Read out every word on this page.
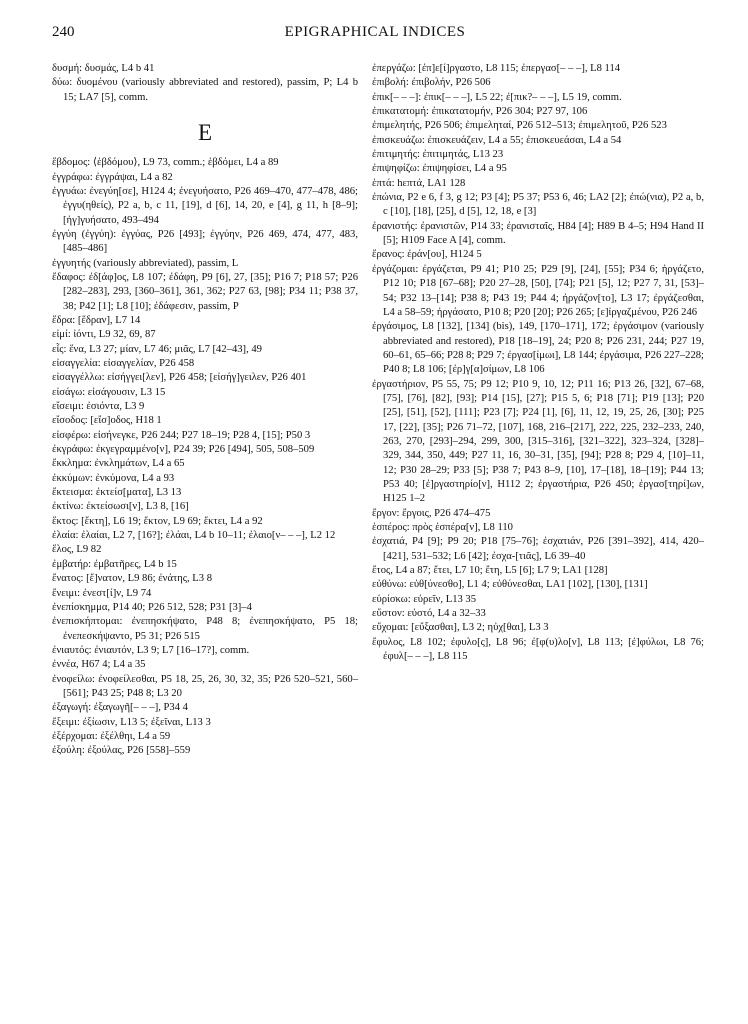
240	EPIGRAPHICAL INDICES

δυσμή: δυσμάς, L4 b 41

δύω: δυομένου (variously abbreviated and restored), passim, P; L4 b 15; LA7 [5], comm.

E

ἕβδομος: ⟨ἑβδόμου⟩, L9 73, comm.; ἑβδόμει, L4 a 89

ἐγγράφω: ἐγγράψαι, L4 a 82

ἐγγυάω: ἐνεγύη[σε], H124 4; ἐνεγυήσατο, P26 469–470, 477–478, 486; ἐγγυ(ηθείς), P2 a, b, c 11, [19], d [6], 14, 20, e [4], g 11, h [8–9]; [ἠγ]γυήσατο, 493–494

ἐγγύη (ἐγγύη): ἐγγύας, P26 [493]; ἐγγύην, P26 469, 474, 477, 483, [485–486]

ἐγγυητής (variously abbreviated), passim, L

ἔδαφος: ἐδ[άφ]ος, L8 107; ἐδάφη, P9 [6], 27, [35]; P16 7; P18 57; P26 [282–283], 293, [360–361], 361, 362; P27 63, [98]; P34 11; P38 37, 38; P42 [1]; L8 [10]; ἐδάφεσιν, passim, P

ἕδρα: [ἕδραν], L7 14

εἰμί: ἰόντι, L9 32, 69, 87

εἷς: ἕνα, L3 27; μίαν, L7 46; μιᾶς, L7 [42–43], 49

εἰσαγγελία: εἰσαγγελίαν, P26 458

εἰσαγγέλλω: εἰσήγγει[λεν], P26 458; [εἰσήγ]γειλεν, P26 401

εἰσάγω: εἰσάγουσιν, L3 15

εἴσειμι: ἐσιόντα, L3 9

εἴσοδος: [εἴσ]οδος, H18 1

εἰσφέρω: εἰσήνεγκε, P26 244; P27 18–19; P28 4, [15]; P50 3

ἐκγράφω: ἐκγεγραμμένο[ν], P24 39; P26 [494], 505, 508–509

ἔκκλημα: ἐνκλημάτων, L4 a 65

ἐκκύμων: ἐνκύμονα, L4 a 93

ἔκτεισμα: ἐκτείσ[ματα], L3 13

ἐκτίνω: ἐκτείσωσι[ν], L3 8, [16]

ἕκτος: [ἕκτη], L6 19; ἕκτον, L9 69; ἕκτει, L4 a 92

ἐλαία: ἐλαίαι, L2 7, [16?]; ἐλάαι, L4 b 10–11; ἐλαιο[ν– – –], L2 12

ἕλος, L9 82

ἐμβατήρ: ἐμβατῆρες, L4 b 15

ἔνατος: [ἔ]νατον, L9 86; ἐνάτης, L3 8

ἔνειμι: ἐνεστ[ί]ν, L9 74

ἐνεπίσκημμα, P14 40; P26 512, 528; P31 [3]–4

ἐνεπισκήπτομαι: ἐνεπησκήψατο, P48 8; ἐνεπησκήψατο, P5 18; ἐνεπεσκήψαντο, P5 31; P26 515

ἐνιαυτός: ἐνιαυτόν, L3 9; L7 [16–17?], comm.

ἐννέα, H67 4; L4 a 35

ἐνοφείλω: ἐνοφείλεσθαι, P5 18, 25, 26, 30, 32, 35; P26 520–521, 560–[561]; P43 25; P48 8; L3 20

ἐξαγωγή: ἐξαγωγῆ[– – –], P34 4

ἔξειμι: ἐξίωσιν, L13 5; ἐξεῖναι, L13 3

ἐξέρχομαι: ἐξέλθηι, L4 a 59

ἐξούλη: ἐξούλας, P26 [558]–559

ἐπεργάζω: [ἐπ]ε[ί]ργαστο, L8 115; ἐπεργασ[– – –], L8 114

ἐπιβολή: ἐπιβολήν, P26 506

ἐπικ[– – –]: ἐπικ[– – –], L5 22; ἐ[πικ?– – –], L5 19, comm.

ἐπικατατομή: ἐπικατατομήν, P26 304; P27 97, 106

ἐπιμελητής, P26 506; ἐπιμεληταί, P26 512–513; ἐπιμελητοῦ, P26 523

ἐπισκευάζω: ἐπισκευάζειν, L4 a 55; ἐπισκευεάσαι, L4 a 54

ἐπιτιμητής: ἐπιτιμητάς, L13 23

ἐπιψηφίζω: ἐπιψηφίσει, L4 a 95

ἑπτά: hεπτά, LA1 128

ἐπώνια, P2 e 6, f 3, g 12; P3 [4]; P5 37; P53 6, 46; LA2 [2]; ἐπώ(νια), P2 a, b, c [10], [18], [25], d [5], 12, 18, e [3]

ἐρανιστής: ἐρανιστῶν, P14 33; ἐρανισταῖς, H84 [4]; H89 B 4–5; H94 Hand II [5]; H109 Face A [4], comm.

ἔρανος: ἐράν[ου], H124 5

ἐργάζομαι: ἐργάζεται, P9 41; P10 25; P29 [9], [24], [55]; P34 6; ἠργάζετο, P12 10; P18 [67–68]; P20 27–28, [50], [74]; P21 [5], 12; P27 7, 31, [53]–54; P32 13–[14]; P38 8; P43 19; P44 4; ἠργάζον[το], L3 17; ἐργάζεσθαι, L4 a 58–59; ἠργάσατο, P10 8; P20 [20]; P26 265; [ε]ἰργαζμένου, P26 246

ἐργάσιμος, L8 [132], [134] (bis), 149, [170–171], 172; ἐργάσιμον (variously abbreviated and restored), P18 [18–19], 24; P20 8; P26 231, 244; P27 19, 60–61, 65–66; P28 8; P29 7; ἐργασ[ίμωι], L8 144; ἐργάσιμα, P26 227–228; P40 8; L8 106; [ἐρ]γ[α]σίμων, L8 106

ἐργαστήριον, P5 55, 75; P9 12; P10 9, 10, 12; P11 16; P13 26, [32], 67–68, [75], [76], [82], [93]; P14 [15], [27]; P15 5, 6; P18 [71]; P19 [13]; P20 [25], [51], [52], [111]; P23 [7]; P24 [1], [6], 11, 12, 19, 25, 26, [30]; P25 17, [22], [35]; P26 71–72, [107], 168, 216–[217], 222, 225, 232–233, 240, 263, 270, [293]–294, 299, 300, [315–316], [321–322], 323–324, [328]–329, 344, 350, 449; P27 11, 16, 30–31, [35], [94]; P28 8; P29 4, [10]–11, 12; P30 28–29; P33 [5]; P38 7; P43 8–9, [10], 17–[18], 18–[19]; P44 13; P53 40; [ἐ]ργαστηρίο[ν], H112 2; ἐργαστήρια, P26 450; ἐργασ[τηρί]ων, H125 1–2

ἔργον: ἔργοις, P26 474–475

ἑσπέρος: πρὸς ἑσπέρα[ν], L8 110

ἐσχατιά, P4 [9]; P9 20; P18 [75–76]; ἐσχατιάν, P26 [391–392], 414, 420–[421], 531–532; L6 [42]; ἐσχα-[τιᾶς], L6 39–40

ἔτος, L4 a 87; ἔτει, L7 10; ἔτη, L5 [6]; L7 9; LA1 [128]

εὐθύνω: εὐθ[ύνεσθο], L1 4; εὐθύνεσθαι, LA1 [102], [130], [131]

εὑρίσκω: εὑρεῖν, L13 35

εὔστον: εὐστό, L4 a 32–33

εὔχομαι: [εὔξασθαι], L3 2; ηὐχ[θαι], L3 3

ἔφυλος, L8 102; ἐφυλο[ς], L8 96; ἐ[φ(υ)λο[ν], L8 113; [ἐ]φύλωι, L8 76; ἐφυλ[– – –], L8 115
